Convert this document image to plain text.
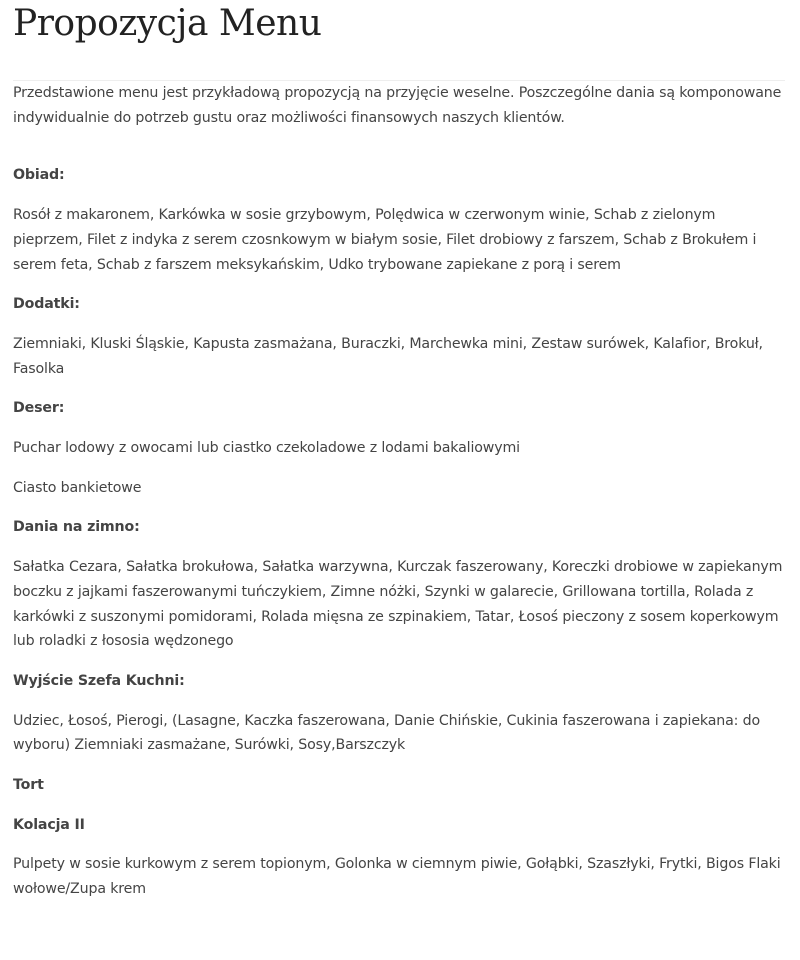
Propozycja Menu

Przedstawione menu jest przykładową propozycją na przyjęcie weselne. Poszczególne dania są komponowane indywidualnie do potrzeb gustu oraz możliwości finansowych naszych klientów.

Obiad:

Rosół z makaronem, Karkówka w sosie grzybowym, Polędwica w czerwonym winie, Schab z zielonym pieprzem, Filet z indyka z serem czosnkowym w białym sosie, Filet drobiowy z farszem, Schab z Brokułem i serem feta, Schab z farszem meksykańskim, Udko trybowane zapiekane z porą i serem

Dodatki:

Ziemniaki, Kluski Śląskie, Kapusta zasmażana, Buraczki, Marchewka mini, Zestaw surówek, Kalafior, Brokuł, Fasolka

Deser:

Puchar lodowy z owocami lub ciastko czekoladowe z lodami bakaliowymi

Ciasto bankietowe

Dania na zimno:

Sałatka Cezara, Sałatka brokułowa, Sałatka warzywna, Kurczak faszerowany, Koreczki drobiowe w zapiekanym boczku z jajkami faszerowanymi tuńczykiem, Zimne nóżki, Szynki w galarecie, Grillowana tortilla, Rolada z karkówki z suszonymi pomidorami, Rolada mięsna ze szpinakiem, Tatar, Łosoś pieczony z sosem koperkowym lub roladki z łososia wędzonego

Wyjście Szefa Kuchni:

Udziec, Łosoś, Pierogi, (Lasagne, Kaczka faszerowana, Danie Chińskie, Cukinia faszerowana i zapiekana: do wyboru) Ziemniaki zasmażane, Surówki, Sosy,Barszczyk

Tort

Kolacja II

Pulpety w sosie kurkowym z serem topionym, Golonka w ciemnym piwie, Gołąbki, Szaszłyki, Frytki, Bigos Flaki wołowe/Zupa krem
